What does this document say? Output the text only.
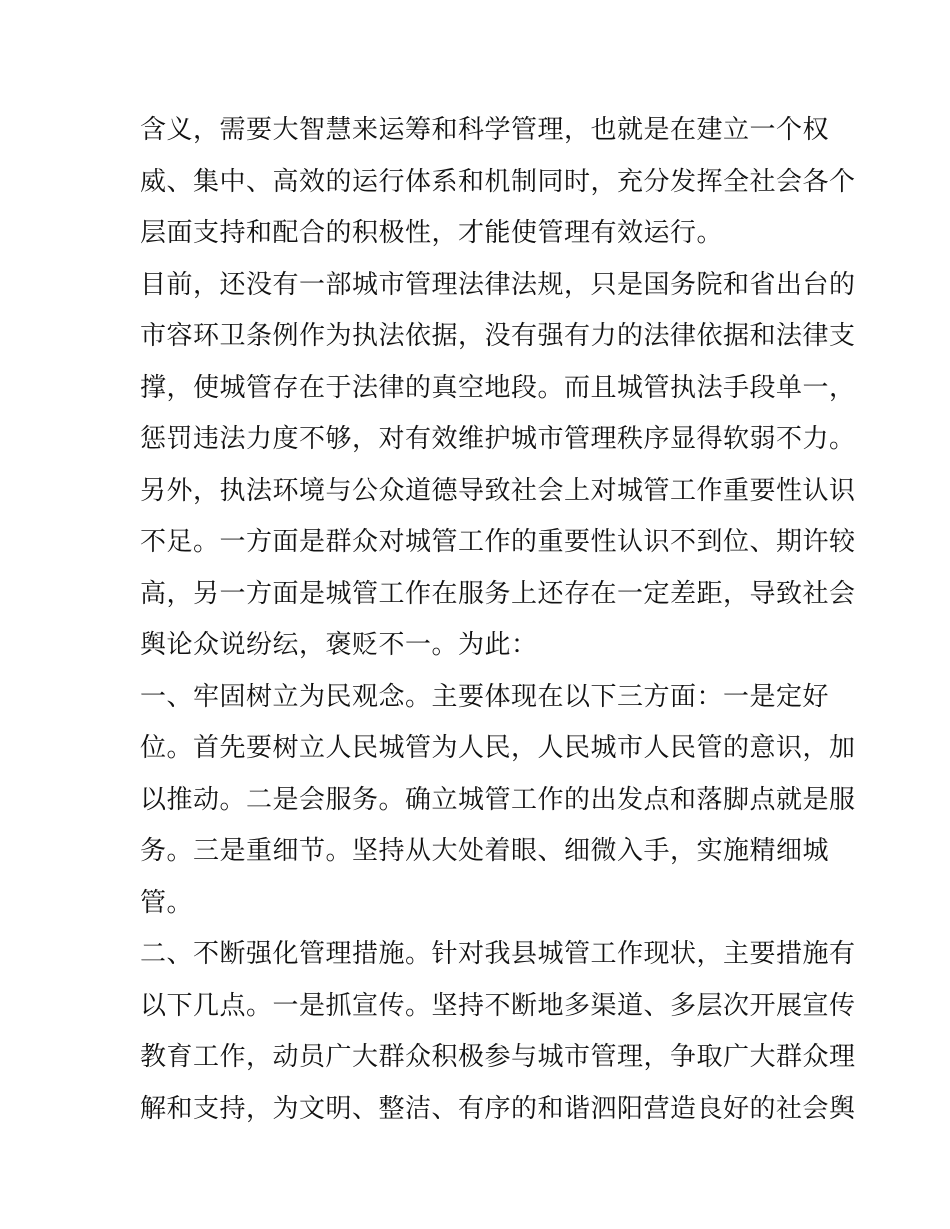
含义，需要大智慧来运筹和科学管理，也就是在建立一个权
威、集中、高效的运行体系和机制同时，充分发挥全社会各个
层面支持和配合的积极性，才能使管理有效运行。
目前，还没有一部城市管理法律法规，只是国务院和省出台的
市容环卫条例作为执法依据，没有强有力的法律依据和法律支
撑，使城管存在于法律的真空地段。而且城管执法手段单一，
惩罚违法力度不够，对有效维护城市管理秩序显得软弱不力。
另外，执法环境与公众道德导致社会上对城管工作重要性认识
不足。一方面是群众对城管工作的重要性认识不到位、期许较
高，另一方面是城管工作在服务上还存在一定差距，导致社会
舆论众说纷纭，褒贬不一。为此：
一、牢固树立为民观念。主要体现在以下三方面：一是定好
位。首先要树立人民城管为人民，人民城市人民管的意识，加
以推动。二是会服务。确立城管工作的出发点和落脚点就是服
务。三是重细节。坚持从大处着眼、细微入手，实施精细城
管。
二、不断强化管理措施。针对我县城管工作现状，主要措施有
以下几点。一是抓宣传。坚持不断地多渠道、多层次开展宣传
教育工作，动员广大群众积极参与城市管理，争取广大群众理
解和支持，为文明、整洁、有序的和谐泗阳营造良好的社会舆
